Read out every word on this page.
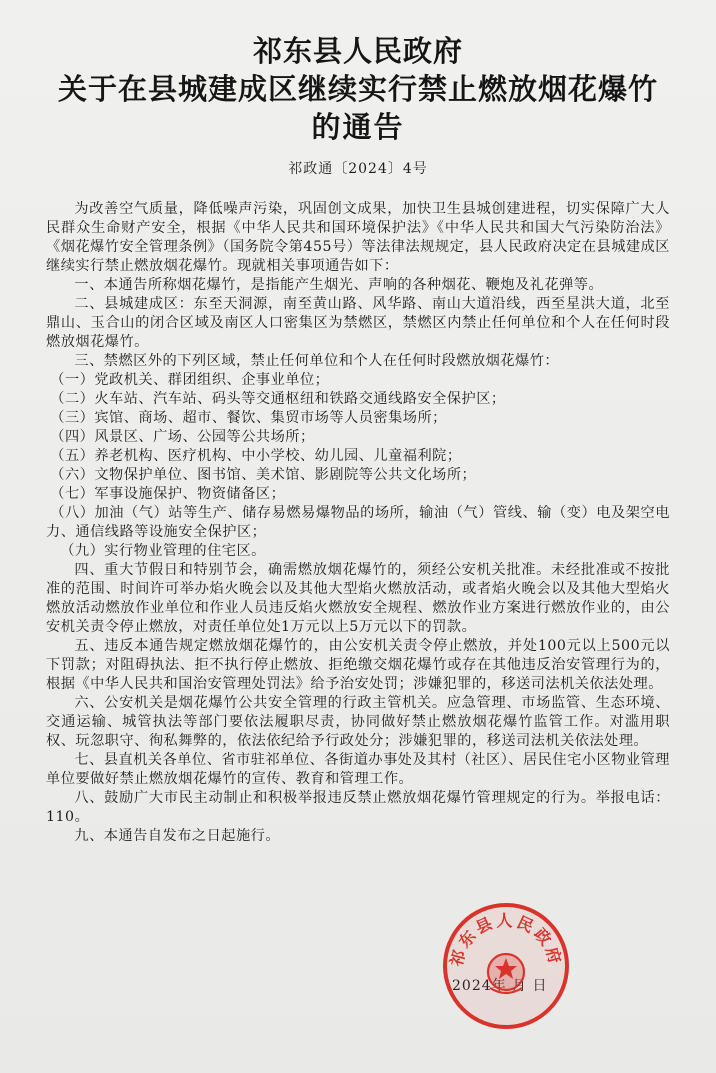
祁东县人民政府
关于在县城建成区继续实行禁止燃放烟花爆竹
的通告
祁政通〔2024〕4号

为改善空气质量，降低噪声污染，巩固创文成果，加快卫生县城创建进程，切实保障广大人民群众生命财产安全，根据《中华人民共和国环境保护法》《中华人民共和国大气污染防治法》《烟花爆竹安全管理条例》（国务院令第455号）等法律法规规定，县人民政府决定在县城建成区继续实行禁止燃放烟花爆竹。现就相关事项通告如下：

一、本通告所称烟花爆竹，是指能产生烟光、声响的各种烟花、鞭炮及礼花弹等。

二、县城建成区：东至天洞源，南至黄山路、风华路、南山大道沿线，西至星洪大道，北至鼎山、玉合山的闭合区域及南区人口密集区为禁燃区，禁燃区内禁止任何单位和个人在任何时段燃放烟花爆竹。

三、禁燃区外的下列区域，禁止任何单位和个人在任何时段燃放烟花爆竹：

（一）党政机关、群团组织、企事业单位；

（二）火车站、汽车站、码头等交通枢纽和铁路交通线路安全保护区；

（三）宾馆、商场、超市、餐饮、集贸市场等人员密集场所；

（四）风景区、广场、公园等公共场所；

（五）养老机构、医疗机构、中小学校、幼儿园、儿童福利院；

（六）文物保护单位、图书馆、美术馆、影剧院等公共文化场所；

（七）军事设施保护、物资储备区；

（八）加油（气）站等生产、储存易燃易爆物品的场所，输油（气）管线、输（变）电及架空电力、通信线路等设施安全保护区；

（九）实行物业管理的住宅区。

四、重大节假日和特别节会，确需燃放烟花爆竹的，须经公安机关批准。未经批准或不按批准的范围、时间许可举办焰火晚会以及其他大型焰火燃放活动，或者焰火晚会以及其他大型焰火燃放活动燃放作业单位和作业人员违反焰火燃放安全规程、燃放作业方案进行燃放作业的，由公安机关责令停止燃放，对责任单位处1万元以上5万元以下的罚款。

五、违反本通告规定燃放烟花爆竹的，由公安机关责令停止燃放，并处100元以上500元以下罚款；对阻碍执法、拒不执行停止燃放、拒绝缴交烟花爆竹或存在其他违反治安管理行为的，根据《中华人民共和国治安管理处罚法》给予治安处罚；涉嫌犯罪的，移送司法机关依法处理。

六、公安机关是烟花爆竹公共安全管理的行政主管机关。应急管理、市场监管、生态环境、交通运输、城管执法等部门要依法履职尽责，协同做好禁止燃放烟花爆竹监管工作。对滥用职权、玩忽职守、徇私舞弊的，依法依纪给予行政处分；涉嫌犯罪的，移送司法机关依法处理。

七、县直机关各单位、省市驻祁单位、各街道办事处及其村（社区）、居民住宅小区物业管理单位要做好禁止燃放烟花爆竹的宣传、教育和管理工作。

八、鼓励广大市民主动制止和积极举报违反禁止燃放烟花爆竹管理规定的行为。举报电话：110。

九、本通告自发布之日起施行。

祁东县人民政府
